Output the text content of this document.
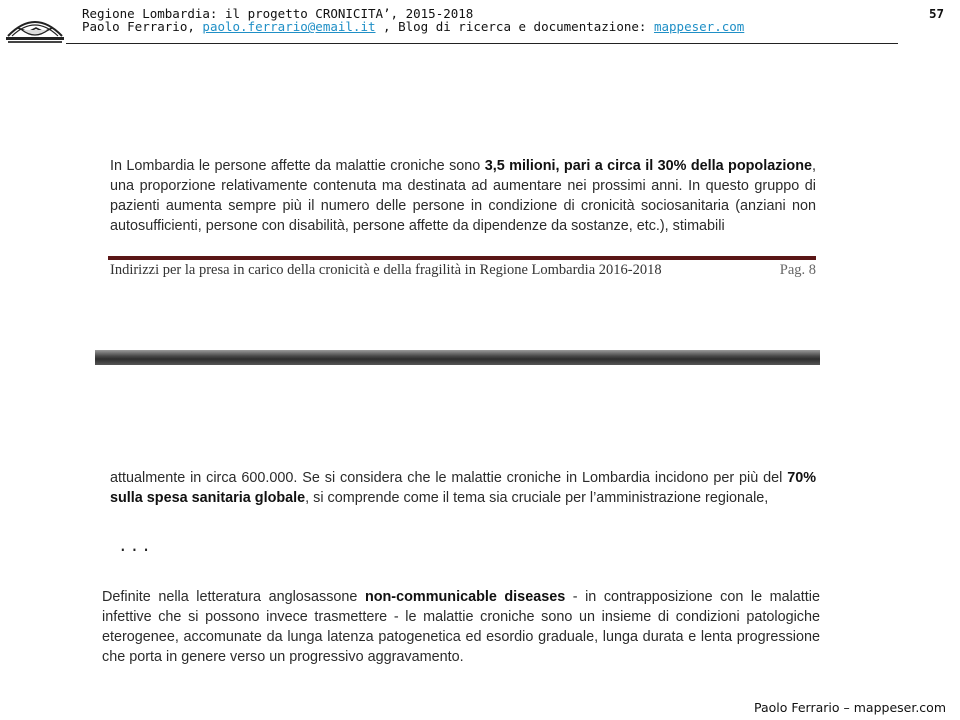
Regione Lombardia: il progetto CRONICITA’, 2015-2018
Paolo Ferrario, paolo.ferrario@email.it , Blog di ricerca e documentazione: mappeser.com
57
In Lombardia le persone affette da malattie croniche sono 3,5 milioni, pari a circa il 30% della popolazione, una proporzione relativamente contenuta ma destinata ad aumentare nei prossimi anni. In questo gruppo di pazienti aumenta sempre più il numero delle persone in condizione di cronicità sociosanitaria (anziani non autosufficienti, persone con disabilità, persone affette da dipendenze da sostanze, etc.), stimabili
Indirizzi per la presa in carico della cronicità e della fragilità in Regione Lombardia 2016-2018	Pag. 8
attualmente in circa 600.000. Se si considera che le malattie croniche in Lombardia incidono per più del 70% sulla spesa sanitaria globale, si comprende come il tema sia cruciale per l’amministrazione regionale,
...
Definite nella letteratura anglosassone non-communicable diseases - in contrapposizione con le malattie infettive che si possono invece trasmettere - le malattie croniche sono un insieme di condizioni patologiche eterogenee, accomunate da lunga latenza patogenetica ed esordio graduale, lunga durata e lenta progressione che porta in genere verso un progressivo aggravamento.
Paolo Ferrario – mappeser.com
